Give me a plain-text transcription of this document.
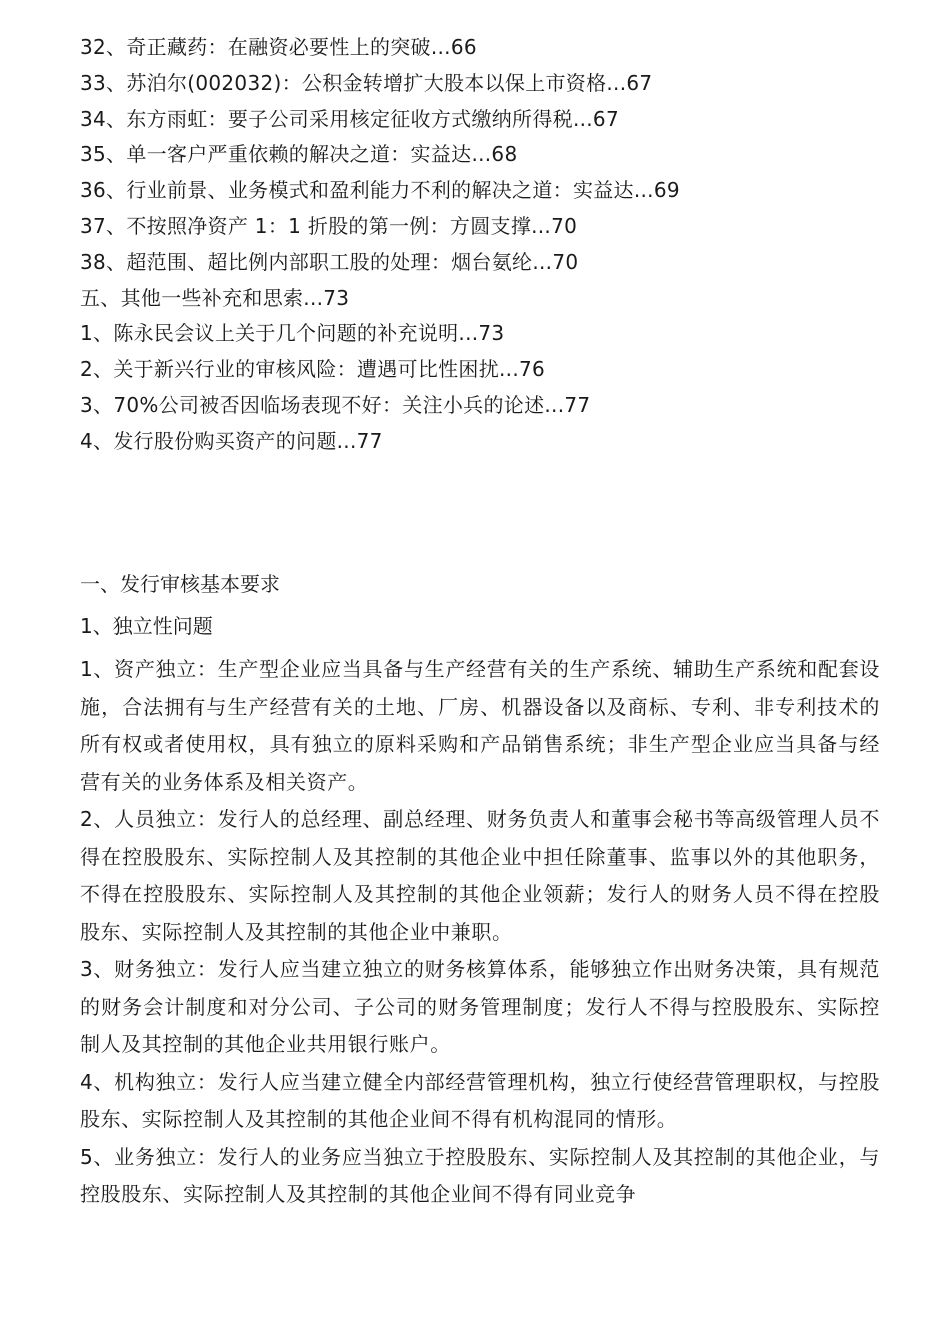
32、奇正藏药：在融资必要性上的突破...66
33、苏泊尔(002032)：公积金转增扩大股本以保上市资格...67
34、东方雨虹：要子公司采用核定征收方式缴纳所得税...67
35、单一客户严重依赖的解决之道：实益达...68
36、行业前景、业务模式和盈利能力不利的解决之道：实益达...69
37、不按照净资产 1：1 折股的第一例：方圆支撑...70
38、超范围、超比例内部职工股的处理：烟台氨纶...70
五、其他一些补充和思索...73
1、陈永民会议上关于几个问题的补充说明...73
2、关于新兴行业的审核风险：遭遇可比性困扰...76
3、70%公司被否因临场表现不好：关注小兵的论述...77
4、发行股份购买资产的问题...77
一、发行审核基本要求
1、独立性问题

1、资产独立：生产型企业应当具备与生产经营有关的生产系统、辅助生产系统和配套设施，合法拥有与生产经营有关的土地、厂房、机器设备以及商标、专利、非专利技术的所有权或者使用权，具有独立的原料采购和产品销售系统；非生产型企业应当具备与经营有关的业务体系及相关资产。

2、人员独立：发行人的总经理、副总经理、财务负责人和董事会秘书等高级管理人员不得在控股股东、实际控制人及其控制的其他企业中担任除董事、监事以外的其他职务，不得在控股股东、实际控制人及其控制的其他企业领薪；发行人的财务人员不得在控股股东、实际控制人及其控制的其他企业中兼职。

3、财务独立：发行人应当建立独立的财务核算体系，能够独立作出财务决策，具有规范的财务会计制度和对分公司、子公司的财务管理制度；发行人不得与控股股东、实际控制人及其控制的其他企业共用银行账户。

4、机构独立：发行人应当建立健全内部经营管理机构，独立行使经营管理职权，与控股股东、实际控制人及其控制的其他企业间不得有机构混同的情形。

5、业务独立：发行人的业务应当独立于控股股东、实际控制人及其控制的其他企业，与控股股东、实际控制人及其控制的其他企业间不得有同业竞争
